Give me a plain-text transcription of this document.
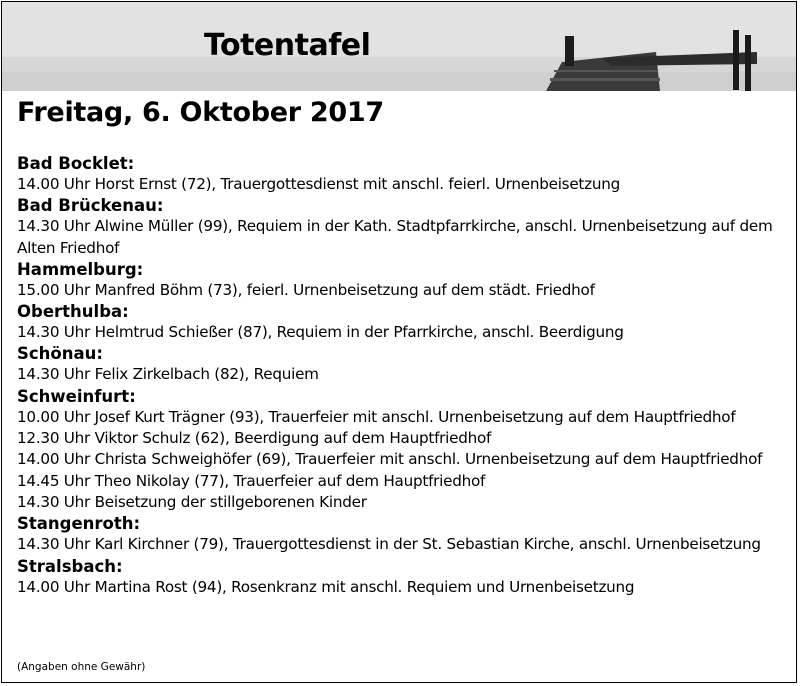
Totentafel
Freitag, 6. Oktober 2017
Bad Bocklet:
14.00 Uhr Horst Ernst (72), Trauergottesdienst mit anschl. feierl. Urnenbeisetzung
Bad Brückenau:
14.30 Uhr Alwine Müller (99), Requiem in der Kath. Stadtpfarrkirche, anschl. Urnenbeisetzung auf dem Alten Friedhof
Hammelburg:
15.00 Uhr Manfred Böhm (73), feierl. Urnenbeisetzung auf dem städt. Friedhof
Oberthulba:
14.30 Uhr Helmtrud Schießer (87), Requiem in der Pfarrkirche, anschl. Beerdigung
Schönau:
14.30 Uhr Felix Zirkelbach (82), Requiem
Schweinfurt:
10.00 Uhr Josef Kurt Trägner (93), Trauerfeier mit anschl. Urnenbeisetzung auf dem Hauptfriedhof
12.30 Uhr Viktor Schulz (62), Beerdigung auf dem Hauptfriedhof
14.00 Uhr Christa Schweighöfer (69), Trauerfeier mit anschl. Urnenbeisetzung auf dem Hauptfriedhof
14.45 Uhr Theo Nikolay (77), Trauerfeier auf dem Hauptfriedhof
14.30 Uhr Beisetzung der stillgeborenen Kinder
Stangenroth:
14.30 Uhr Karl Kirchner (79), Trauergottesdienst in der St. Sebastian Kirche, anschl. Urnenbeisetzung
Stralsbach:
14.00 Uhr Martina Rost (94), Rosenkranz mit anschl. Requiem und Urnenbeisetzung
(Angaben ohne Gewähr)
